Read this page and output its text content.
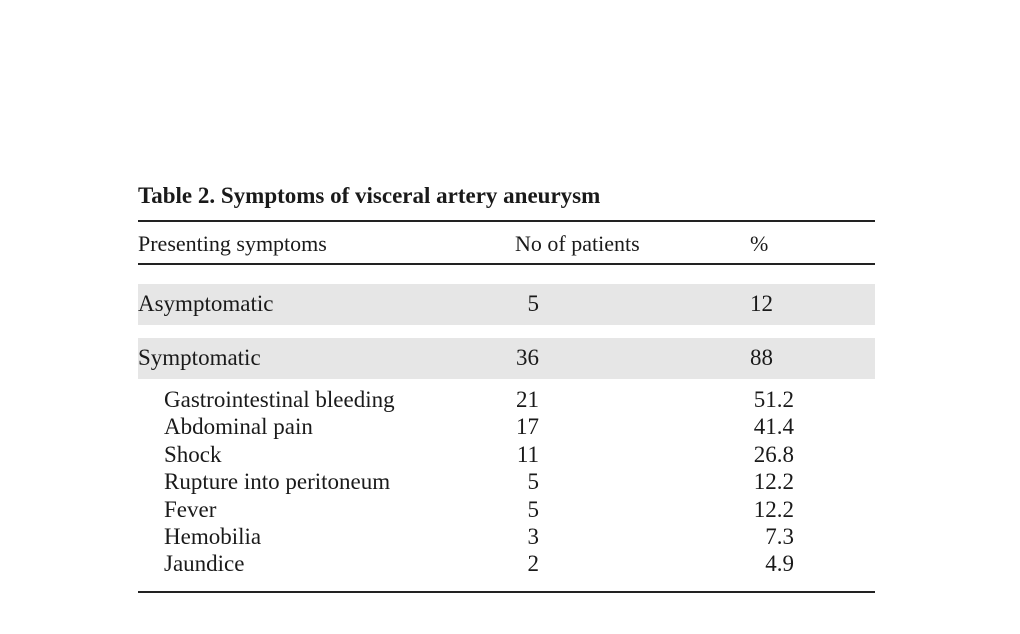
Table 2. Symptoms of visceral artery aneurysm
Presenting symptoms	No of patients	%
Asymptomatic	5	12
Symptomatic	36	88
Gastrointestinal bleeding	21	51.2
Abdominal pain	17	41.4
Shock	11	26.8
Rupture into peritoneum	5	12.2
Fever	5	12.2
Hemobilia	3	7.3
Jaundice	2	4.9
